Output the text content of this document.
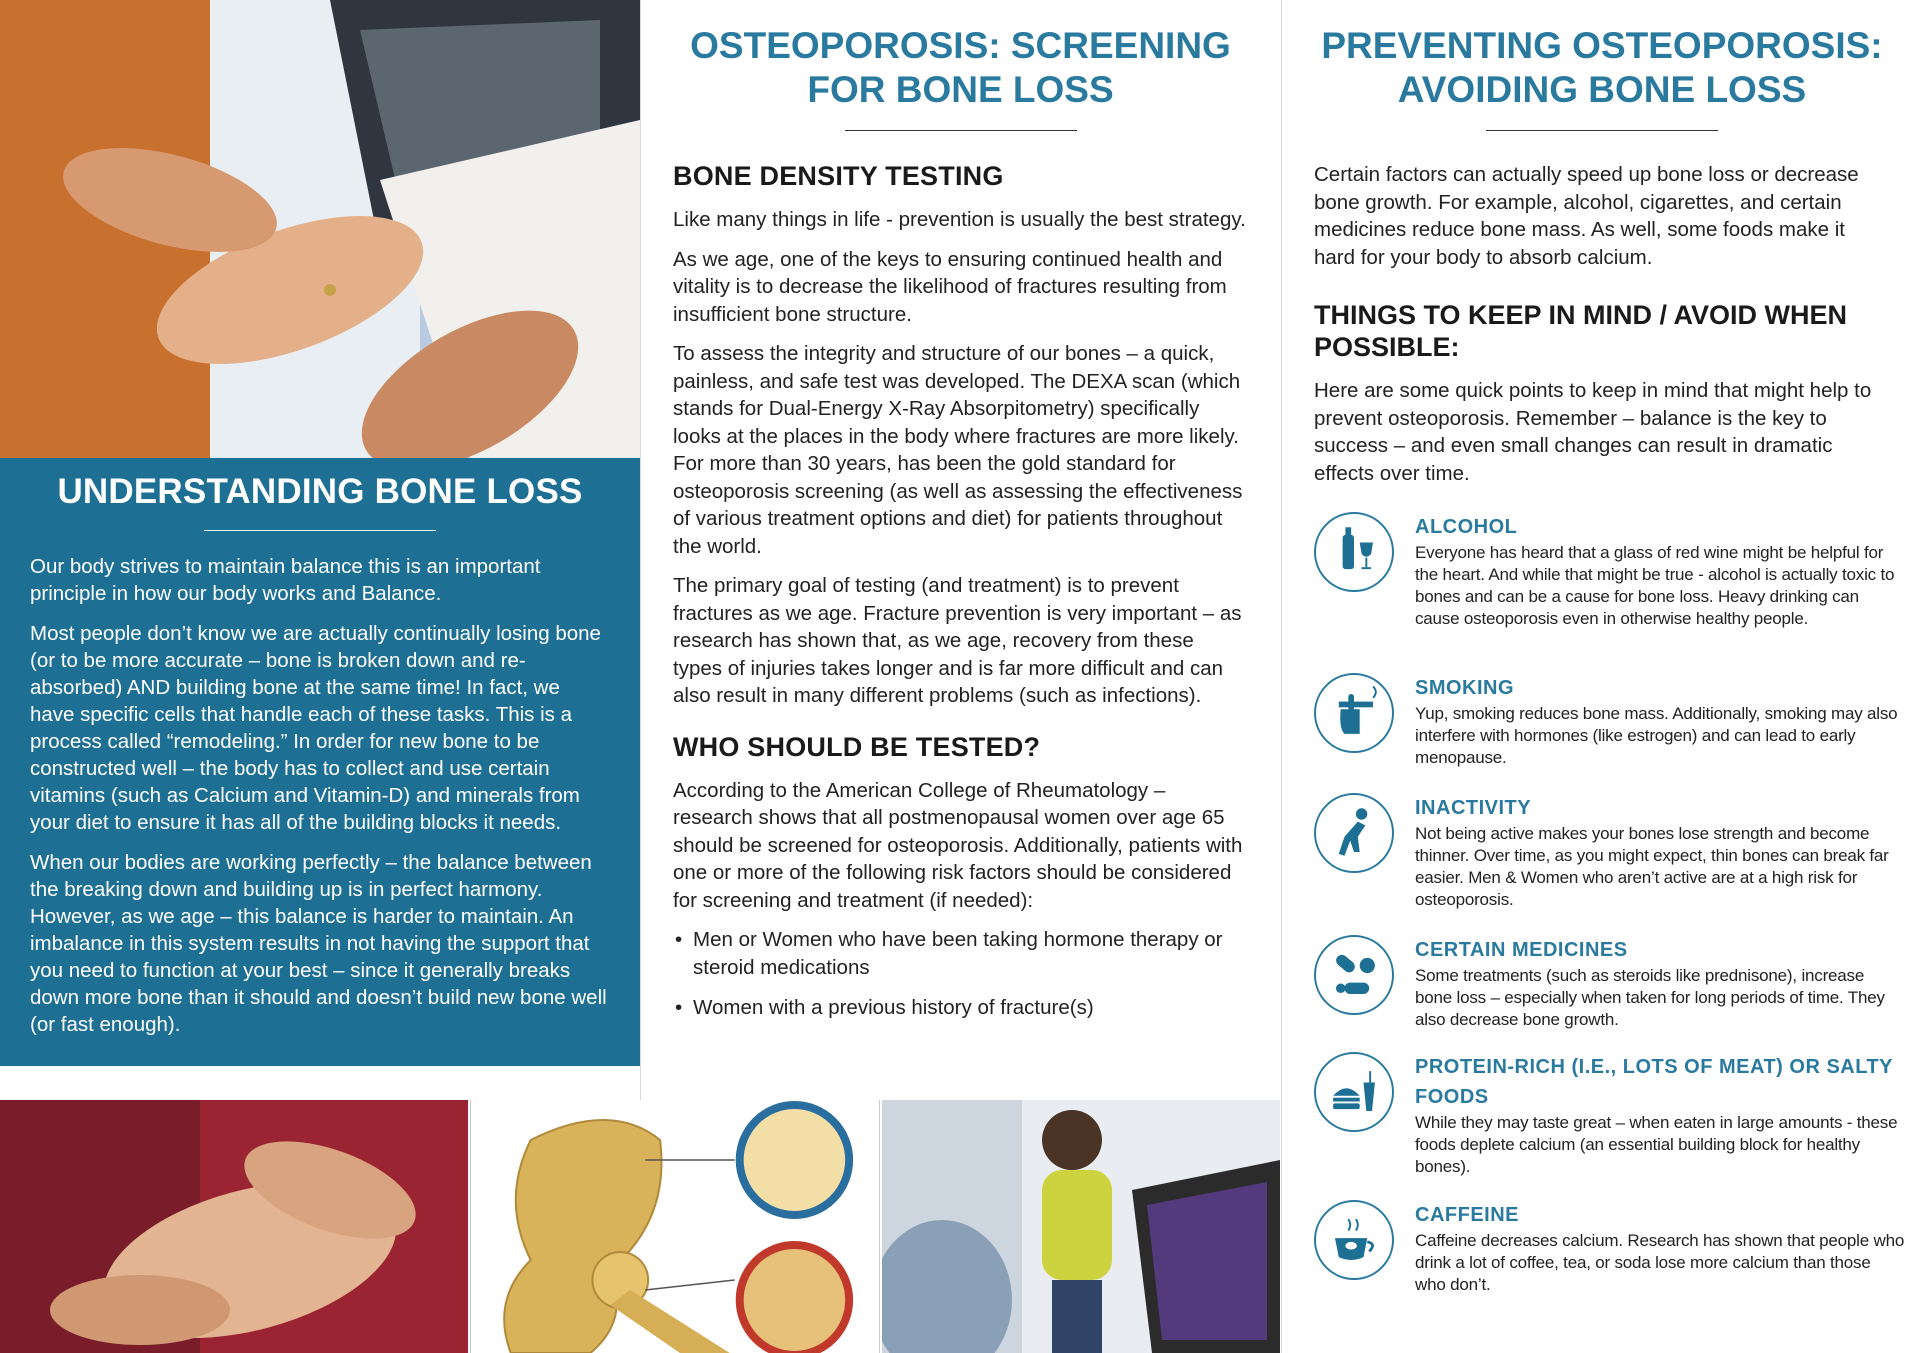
UNDERSTANDING BONE LOSS

Our body strives to maintain balance this is an important principle in how our body works and Balance.

Most people don’t know we are actually continually losing bone (or to be more accurate – bone is broken down and re-absorbed) AND building bone at the same time! In fact, we have specific cells that handle each of these tasks. This is a process called “remodeling.” In order for new bone to be constructed well – the body has to collect and use certain vitamins (such as Calcium and Vitamin-D) and minerals from your diet to ensure it has all of the building blocks it needs.

When our bodies are working perfectly – the balance between the breaking down and building up is in perfect harmony. However, as we age – this balance is harder to maintain. An imbalance in this system results in not having the support that you need to function at your best – since it generally breaks down more bone than it should and doesn’t build new bone well (or fast enough).

OSTEOPOROSIS: SCREENING FOR BONE LOSS
BONE DENSITY TESTING

Like many things in life - prevention is usually the best strategy.

As we age, one of the keys to ensuring continued health and vitality is to decrease the likelihood of fractures resulting from insufficient bone structure.

To assess the integrity and structure of our bones – a quick, painless, and safe test was developed. The DEXA scan (which stands for Dual-Energy X-Ray Absorpitometry) specifically looks at the places in the body where fractures are more likely. For more than 30 years, has been the gold standard for osteoporosis screening (as well as assessing the effectiveness of various treatment options and diet) for patients throughout the world.

The primary goal of testing (and treatment) is to prevent fractures as we age. Fracture prevention is very important – as research has shown that, as we age, recovery from these types of injuries takes longer and is far more difficult and can also result in many different problems (such as infections).

WHO SHOULD BE TESTED?

According to the American College of Rheumatology – research shows that all postmenopausal women over age 65 should be screened for osteoporosis. Additionally, patients with one or more of the following risk factors should be considered for screening and treatment (if needed):

• Men or Women who have been taking hormone therapy or steroid medications
• Women with a previous history of fracture(s)
PREVENTING OSTEOPOROSIS: AVOIDING BONE LOSS

Certain factors can actually speed up bone loss or decrease bone growth. For example, alcohol, cigarettes, and certain medicines reduce bone mass. As well, some foods make it hard for your body to absorb calcium.

THINGS TO KEEP IN MIND / AVOID WHEN POSSIBLE:

Here are some quick points to keep in mind that might help to prevent osteoporosis. Remember – balance is the key to success – and even small changes can result in dramatic effects over time.

ALCOHOL
Everyone has heard that a glass of red wine might be helpful for the heart. And while that might be true - alcohol is actually toxic to bones and can be a cause for bone loss. Heavy drinking can cause osteoporosis even in otherwise healthy people.
SMOKING
Yup, smoking reduces bone mass. Additionally, smoking may also interfere with hormones (like estrogen) and can lead to early menopause.
INACTIVITY
Not being active makes your bones lose strength and become thinner. Over time, as you might expect, thin bones can break far easier. Men & Women who aren’t active are at a high risk for osteoporosis.
CERTAIN MEDICINES
Some treatments (such as steroids like prednisone), increase bone loss – especially when taken for long periods of time. They also decrease bone growth.
PROTEIN-RICH (I.E., LOTS OF MEAT) OR SALTY FOODS
While they may taste great – when eaten in large amounts - these foods deplete calcium (an essential building block for healthy bones).
CAFFEINE
Caffeine decreases calcium. Research has shown that people who drink a lot of coffee, tea, or soda lose more calcium than those who don’t.
